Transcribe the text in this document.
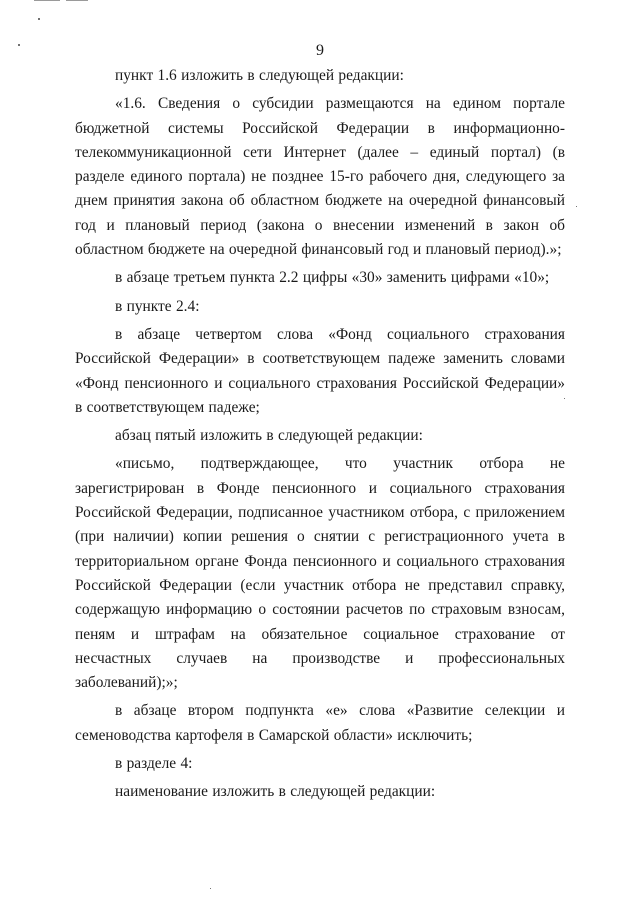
9

пункт 1.6 изложить в следующей редакции:

«1.6. Сведения о субсидии размещаются на едином портале бюджетной системы Российской Федерации в информационно-телекоммуникационной сети Интернет (далее – единый портал) (в разделе единого портала) не позднее 15-го рабочего дня, следующего за днем принятия закона об областном бюджете на очередной финансовый год и плановый период (закона о внесении изменений в закон об областном бюджете на очередной финансовый год и плановый период).»;

в абзаце третьем пункта 2.2 цифры «30» заменить цифрами «10»;

в пункте 2.4:

в абзаце четвертом слова «Фонд социального страхования Российской Федерации» в соответствующем падеже заменить словами «Фонд пенсионного и социального страхования Российской Федерации» в соответствующем падеже;

абзац пятый изложить в следующей редакции:

«письмо, подтверждающее, что участник отбора не зарегистрирован в Фонде пенсионного и социального страхования Российской Федерации, подписанное участником отбора, с приложением (при наличии) копии решения о снятии с регистрационного учета в территориальном органе Фонда пенсионного и социального страхования Российской Федерации (если участник отбора не представил справку, содержащую информацию о состоянии расчетов по страховым взносам, пеням и штрафам на обязательное социальное страхование от несчастных случаев на производстве и профессиональных заболеваний);»;

в абзаце втором подпункта «е» слова «Развитие селекции и семеноводства картофеля в Самарской области» исключить;

в разделе 4:

наименование изложить в следующей редакции:
